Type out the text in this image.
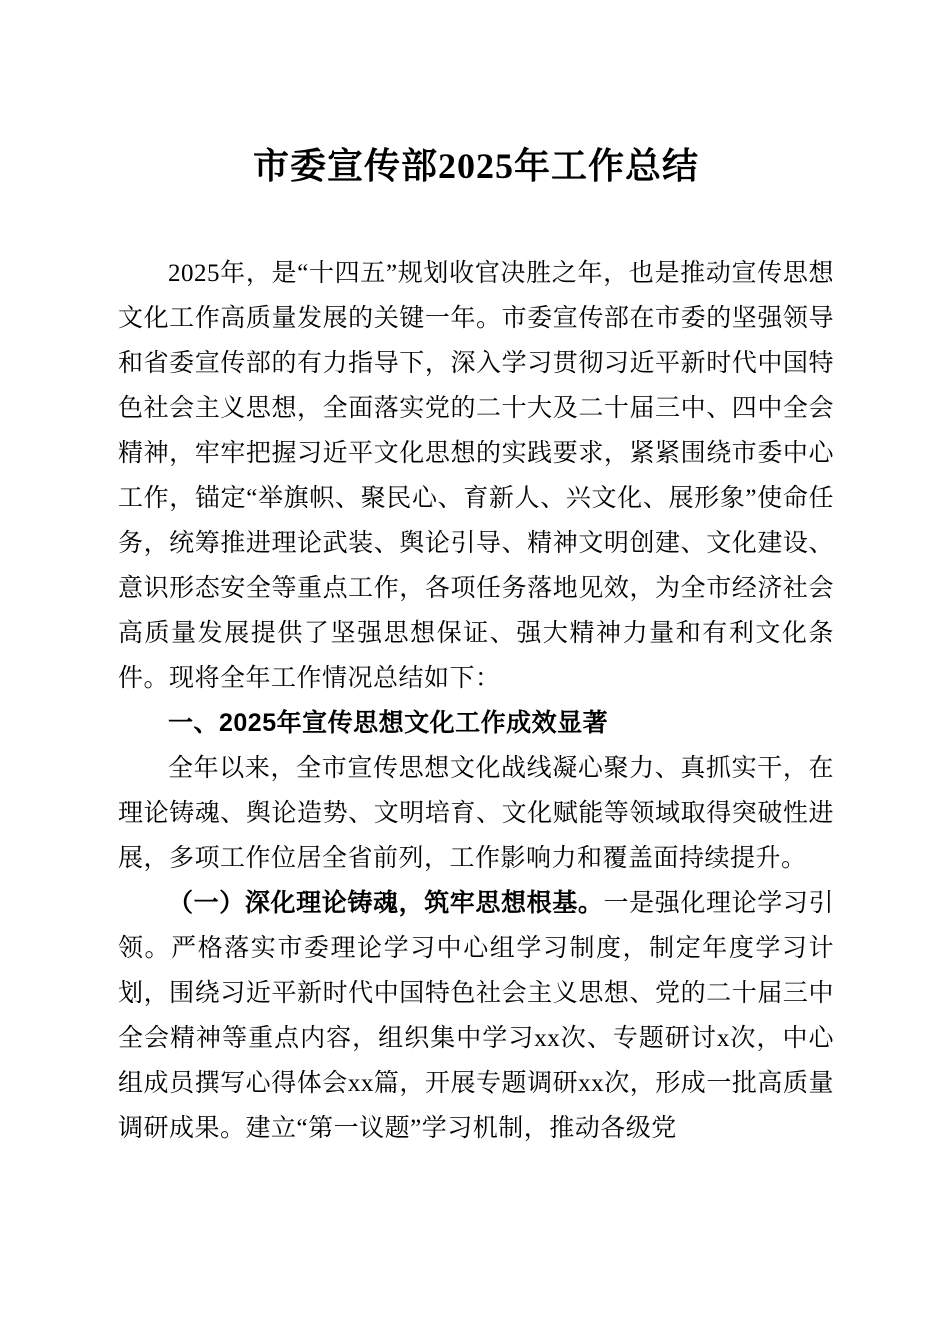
市委宣传部2025年工作总结

2025年，是“十四五”规划收官决胜之年，也是推动宣传思想文化工作高质量发展的关键一年。市委宣传部在市委的坚强领导和省委宣传部的有力指导下，深入学习贯彻习近平新时代中国特色社会主义思想，全面落实党的二十大及二十届三中、四中全会精神，牢牢把握习近平文化思想的实践要求，紧紧围绕市委中心工作，锚定“举旗帜、聚民心、育新人、兴文化、展形象”使命任务，统筹推进理论武装、舆论引导、精神文明创建、文化建设、意识形态安全等重点工作，各项任务落地见效，为全市经济社会高质量发展提供了坚强思想保证、强大精神力量和有利文化条件。现将全年工作情况总结如下：

一、2025年宣传思想文化工作成效显著

全年以来，全市宣传思想文化战线凝心聚力、真抓实干，在理论铸魂、舆论造势、文明培育、文化赋能等领域取得突破性进展，多项工作位居全省前列，工作影响力和覆盖面持续提升。

（一）深化理论铸魂，筑牢思想根基。一是强化理论学习引领。严格落实市委理论学习中心组学习制度，制定年度学习计划，围绕习近平新时代中国特色社会主义思想、党的二十届三中全会精神等重点内容，组织集中学习xx次、专题研讨x次，中心组成员撰写心得体会xx篇，开展专题调研xx次，形成一批高质量调研成果。建立“第一议题”学习机制，推动各级党
